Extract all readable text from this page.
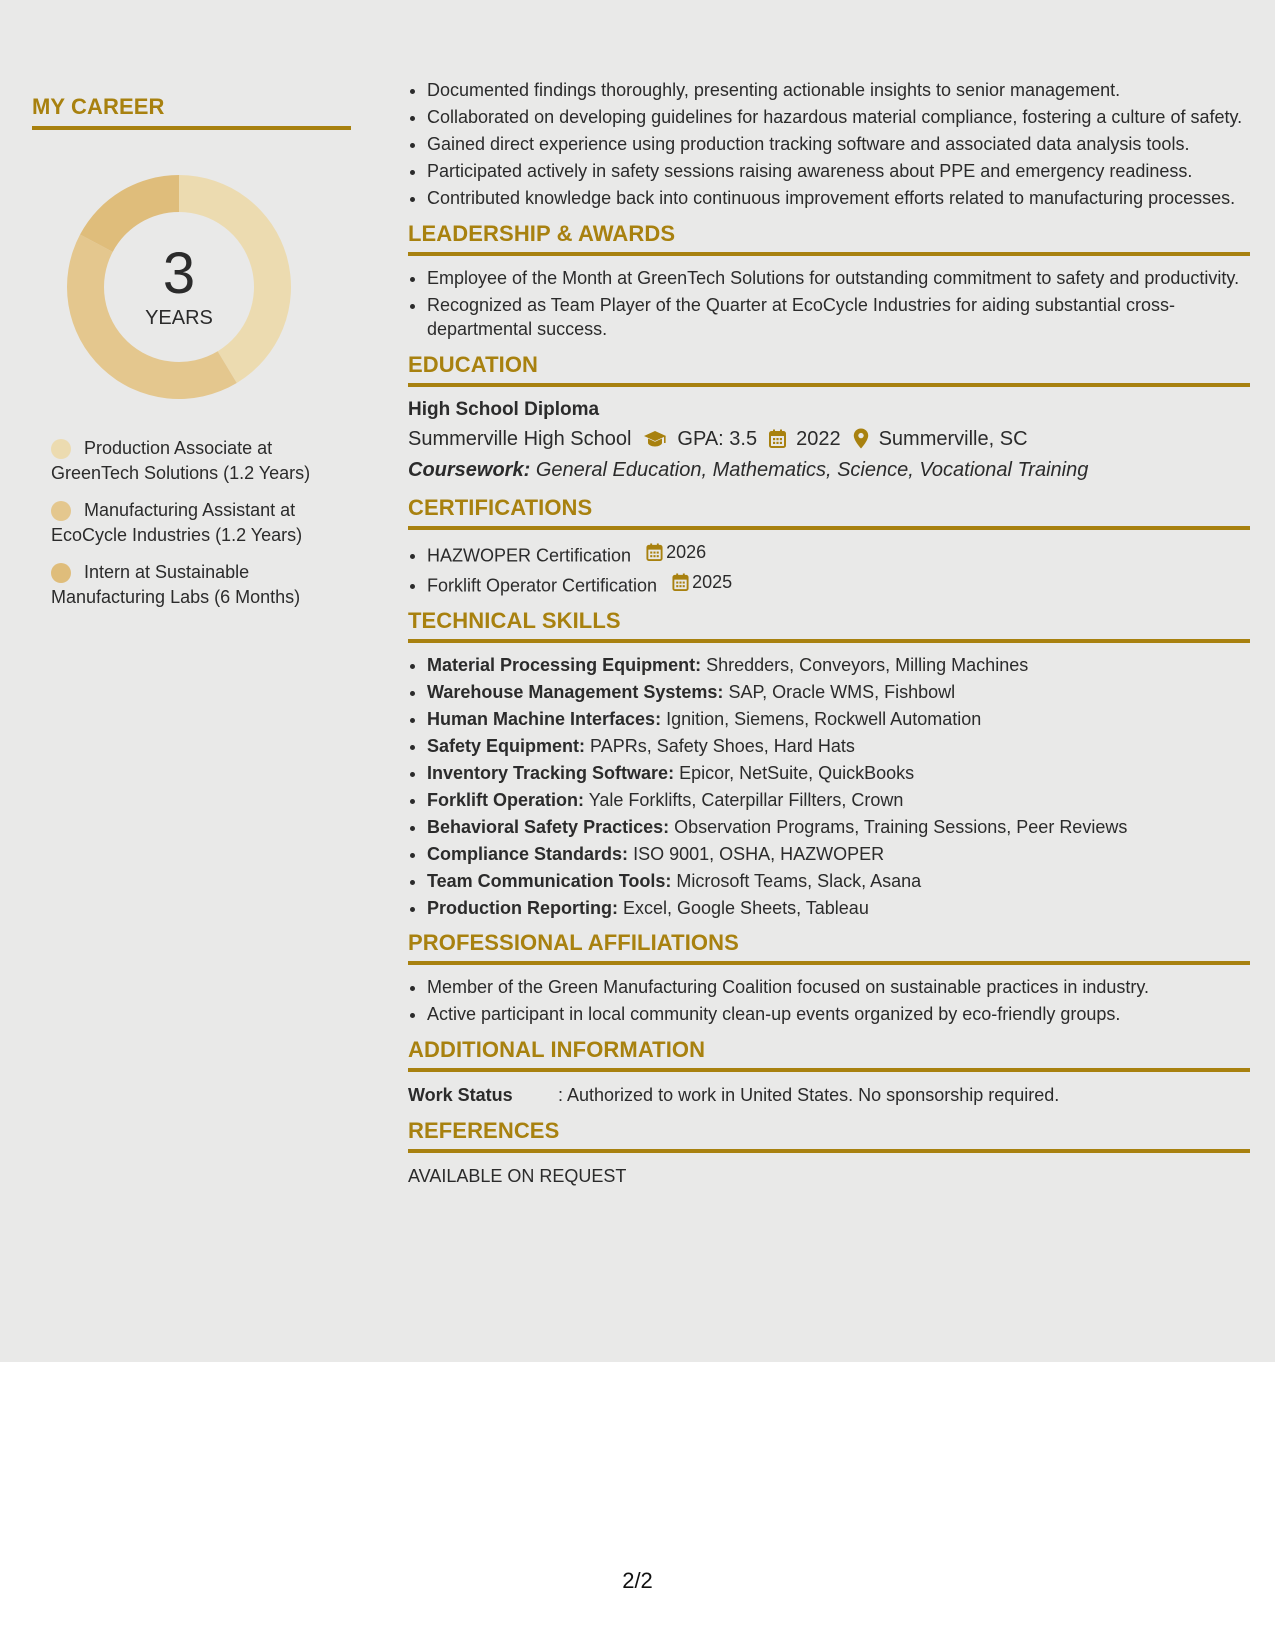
MY CAREER
3
YEARS
Production Associate at GreenTech Solutions (1.2 Years)
Manufacturing Assistant at EcoCycle Industries (1.2 Years)
Intern at Sustainable Manufacturing Labs (6 Months)
• Documented findings thoroughly, presenting actionable insights to senior management.
• Collaborated on developing guidelines for hazardous material compliance, fostering a culture of safety.
• Gained direct experience using production tracking software and associated data analysis tools.
• Participated actively in safety sessions raising awareness about PPE and emergency readiness.
• Contributed knowledge back into continuous improvement efforts related to manufacturing processes.
LEADERSHIP & AWARDS
• Employee of the Month at GreenTech Solutions for outstanding commitment to safety and productivity.
• Recognized as Team Player of the Quarter at EcoCycle Industries for aiding substantial cross-departmental success.
EDUCATION
High School Diploma
Summerville High School GPA: 3.5 2022 Summerville, SC
Coursework: General Education, Mathematics, Science, Vocational Training
CERTIFICATIONS
• HAZWOPER Certification 2026
• Forklift Operator Certification 2025
TECHNICAL SKILLS
• Material Processing Equipment: Shredders, Conveyors, Milling Machines
• Warehouse Management Systems: SAP, Oracle WMS, Fishbowl
• Human Machine Interfaces: Ignition, Siemens, Rockwell Automation
• Safety Equipment: PAPRs, Safety Shoes, Hard Hats
• Inventory Tracking Software: Epicor, NetSuite, QuickBooks
• Forklift Operation: Yale Forklifts, Caterpillar Fillters, Crown
• Behavioral Safety Practices: Observation Programs, Training Sessions, Peer Reviews
• Compliance Standards: ISO 9001, OSHA, HAZWOPER
• Team Communication Tools: Microsoft Teams, Slack, Asana
• Production Reporting: Excel, Google Sheets, Tableau
PROFESSIONAL AFFILIATIONS
• Member of the Green Manufacturing Coalition focused on sustainable practices in industry.
• Active participant in local community clean-up events organized by eco-friendly groups.
ADDITIONAL INFORMATION
Work Status	: Authorized to work in United States. No sponsorship required.
REFERENCES
AVAILABLE ON REQUEST
2/2
